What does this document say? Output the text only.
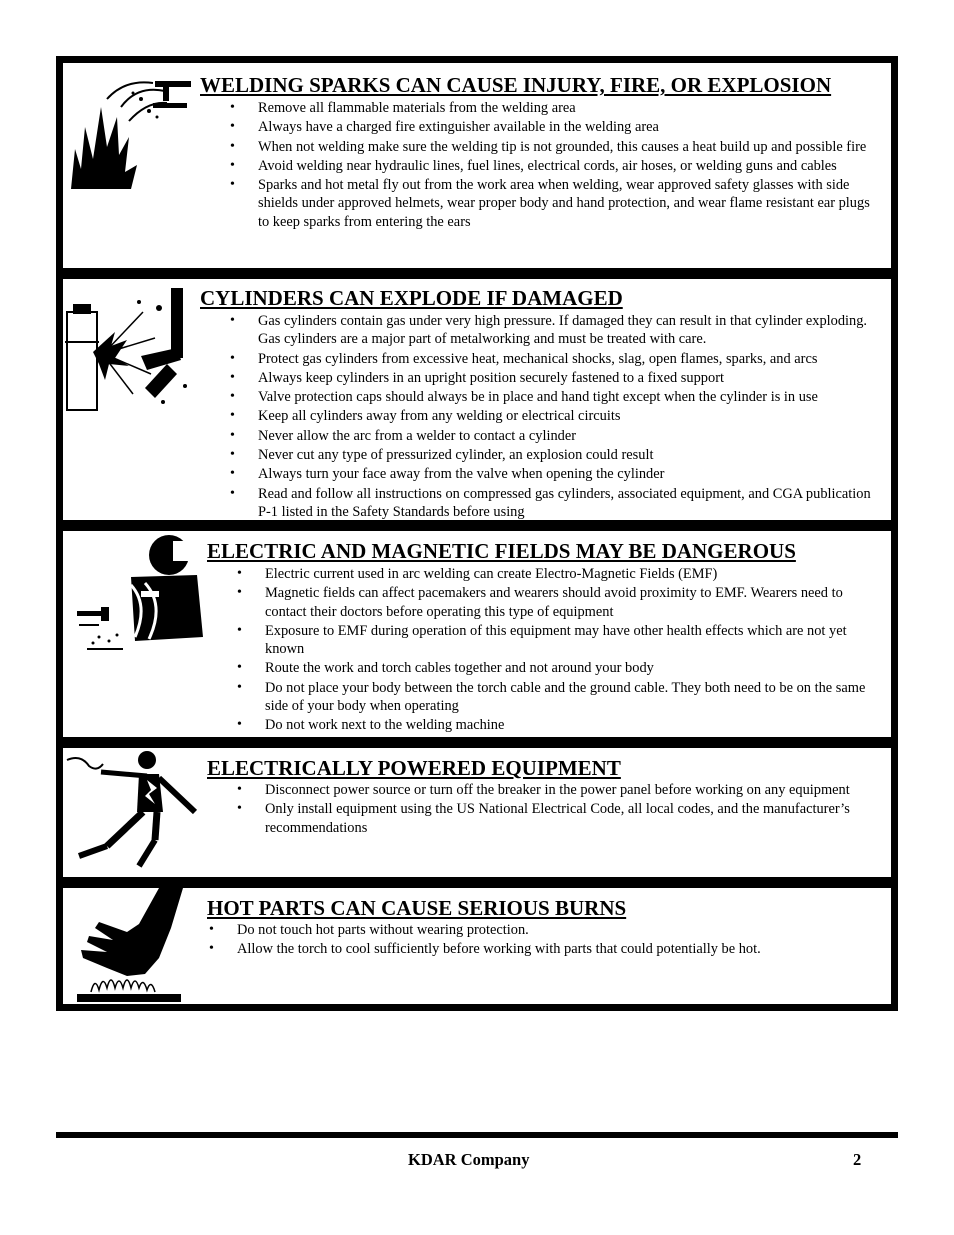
WELDING SPARKS CAN CAUSE INJURY, FIRE, OR EXPLOSION
• Remove all flammable materials from the welding area
• Always have a charged fire extinguisher available in the welding area
• When not welding make sure the welding tip is not grounded, this causes a heat build up and possible fire
• Avoid welding near hydraulic lines, fuel lines, electrical cords, air hoses, or welding guns and cables
• Sparks and hot metal fly out from the work area when welding, wear approved safety glasses with side shields under approved helmets, wear proper body and hand protection, and wear flame resistant ear plugs to keep sparks from entering the ears
CYLINDERS CAN EXPLODE IF DAMAGED
• Gas cylinders contain gas under very high pressure. If damaged they can result in that cylinder exploding. Gas cylinders are a major part of metalworking and must be treated with care.
• Protect gas cylinders from excessive heat, mechanical shocks, slag, open flames, sparks, and arcs
• Always keep cylinders in an upright position securely fastened to a fixed support
• Valve protection caps should always be in place and hand tight except when the cylinder is in use
• Keep all cylinders away from any welding or electrical circuits
• Never allow the arc from a welder to contact a cylinder
• Never cut any type of pressurized cylinder, an explosion could result
• Always turn your face away from the valve when opening the cylinder
• Read and follow all instructions on compressed gas cylinders, associated equipment, and CGA publication P-1 listed in the Safety Standards before using
ELECTRIC AND MAGNETIC FIELDS MAY BE DANGEROUS
• Electric current used in arc welding can create Electro-Magnetic Fields (EMF)
• Magnetic fields can affect pacemakers and wearers should avoid proximity to EMF. Wearers need to contact their doctors before operating this type of equipment
• Exposure to EMF during operation of this equipment may have other health effects which are not yet known
• Route the work and torch cables together and not around your body
• Do not place your body between the torch cable and the ground cable. They both need to be on the same side of your body when operating
• Do not work next to the welding machine
ELECTRICALLY POWERED EQUIPMENT
• Disconnect power source or turn off the breaker in the power panel before working on any equipment
• Only install equipment using the US National Electrical Code, all local codes, and the manufacturer’s recommendations
HOT PARTS CAN CAUSE SERIOUS BURNS
• Do not touch hot parts without wearing protection.
• Allow the torch to cool sufficiently before working with parts that could potentially be hot.
KDAR Company	2
